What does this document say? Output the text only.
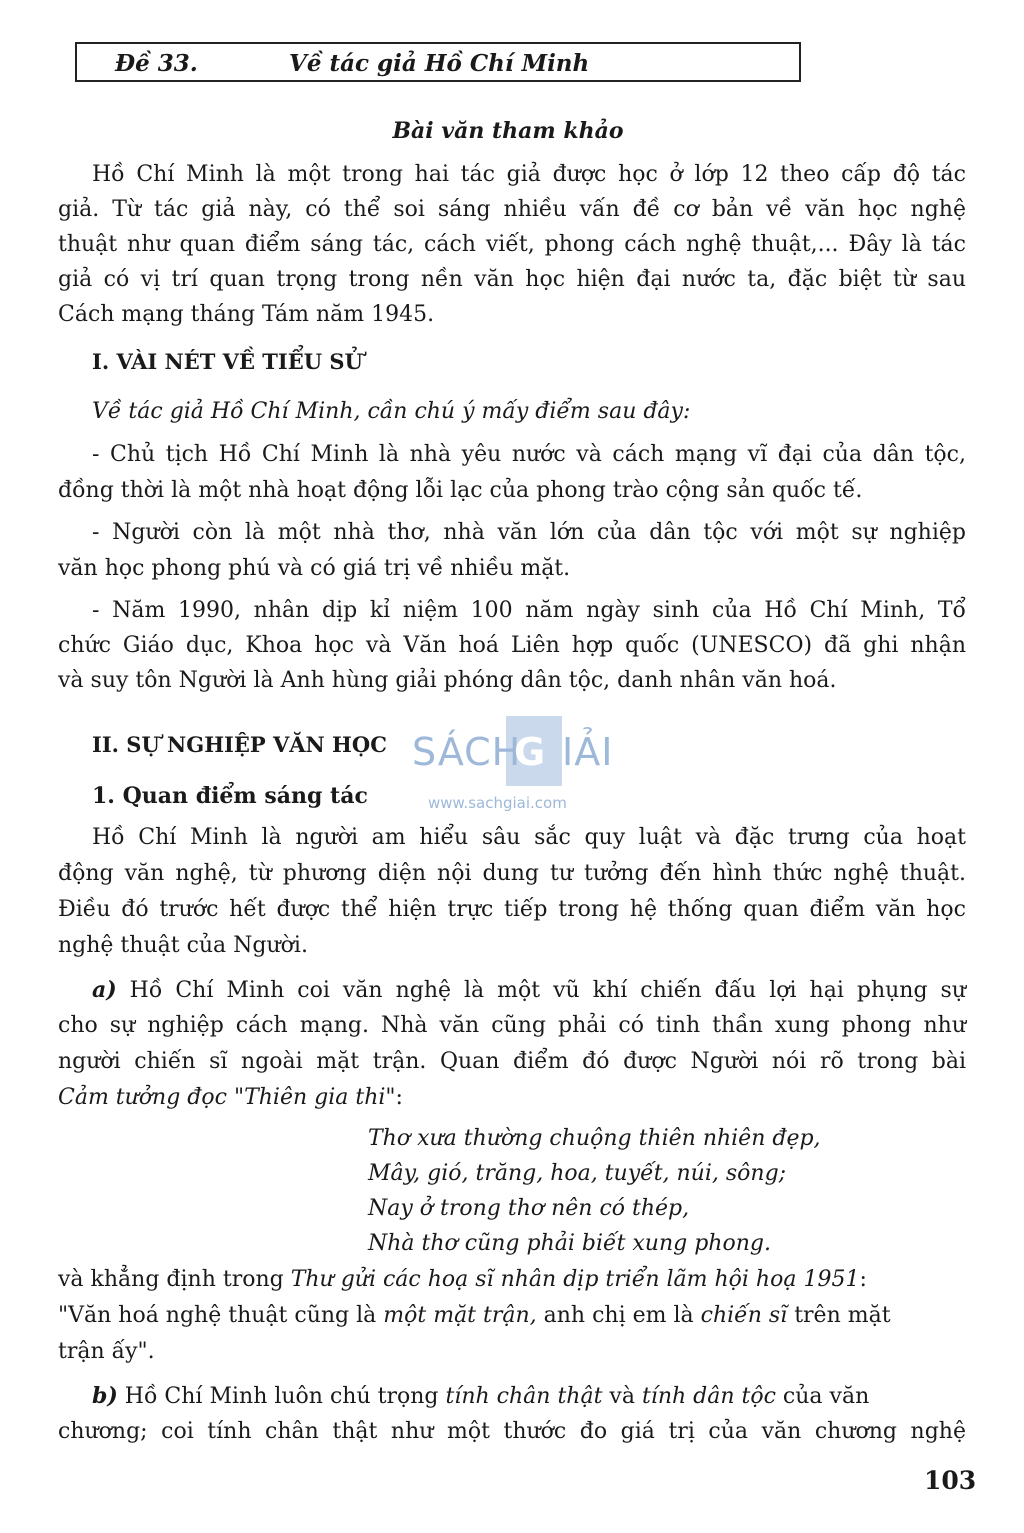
Đề 33.	Về tác giả Hồ Chí Minh
Bài văn tham khảo
Hồ Chí Minh là một trong hai tác giả được học ở lớp 12 theo cấp độ tác
giả. Từ tác giả này, có thể soi sáng nhiều vấn đề cơ bản về văn học nghệ
thuật như quan điểm sáng tác, cách viết, phong cách nghệ thuật,... Đây là tác
giả có vị trí quan trọng trong nền văn học hiện đại nước ta, đặc biệt từ sau
Cách mạng tháng Tám năm 1945.
I. VÀI NÉT VỀ TIỂU SỬ
Về tác giả Hồ Chí Minh, cần chú ý mấy điểm sau đây:
- Chủ tịch Hồ Chí Minh là nhà yêu nước và cách mạng vĩ đại của dân tộc,
đồng thời là một nhà hoạt động lỗi lạc của phong trào cộng sản quốc tế.
- Người còn là một nhà thơ, nhà văn lớn của dân tộc với một sự nghiệp
văn học phong phú và có giá trị về nhiều mặt.
- Năm 1990, nhân dịp kỉ niệm 100 năm ngày sinh của Hồ Chí Minh, Tổ
chức Giáo dục, Khoa học và Văn hoá Liên hợp quốc (UNESCO) đã ghi nhận
và suy tôn Người là Anh hùng giải phóng dân tộc, danh nhân văn hoá.
II. SỰ NGHIỆP VĂN HỌC
1. Quan điểm sáng tác
Hồ Chí Minh là người am hiểu sâu sắc quy luật và đặc trưng của hoạt
động văn nghệ, từ phương diện nội dung tư tưởng đến hình thức nghệ thuật.
Điều đó trước hết được thể hiện trực tiếp trong hệ thống quan điểm văn học
nghệ thuật của Người.
a) Hồ Chí Minh coi văn nghệ là một vũ khí chiến đấu lợi hại phụng sự
cho sự nghiệp cách mạng. Nhà văn cũng phải có tinh thần xung phong như
người chiến sĩ ngoài mặt trận. Quan điểm đó được Người nói rõ trong bài
Cảm tưởng đọc "Thiên gia thi":
Thơ xưa thường chuộng thiên nhiên đẹp,
Mây, gió, trăng, hoa, tuyết, núi, sông;
Nay ở trong thơ nên có thép,
Nhà thơ cũng phải biết xung phong.
và khẳng định trong Thư gửi các hoạ sĩ nhân dịp triển lãm hội hoạ 1951:
"Văn hoá nghệ thuật cũng là một mặt trận, anh chị em là chiến sĩ trên mặt
trận ấy".
b) Hồ Chí Minh luôn chú trọng tính chân thật và tính dân tộc của văn
chương; coi tính chân thật như một thước đo giá trị của văn chương nghệ
SÁCH
G IẢI
www.sachgiai.com
103
